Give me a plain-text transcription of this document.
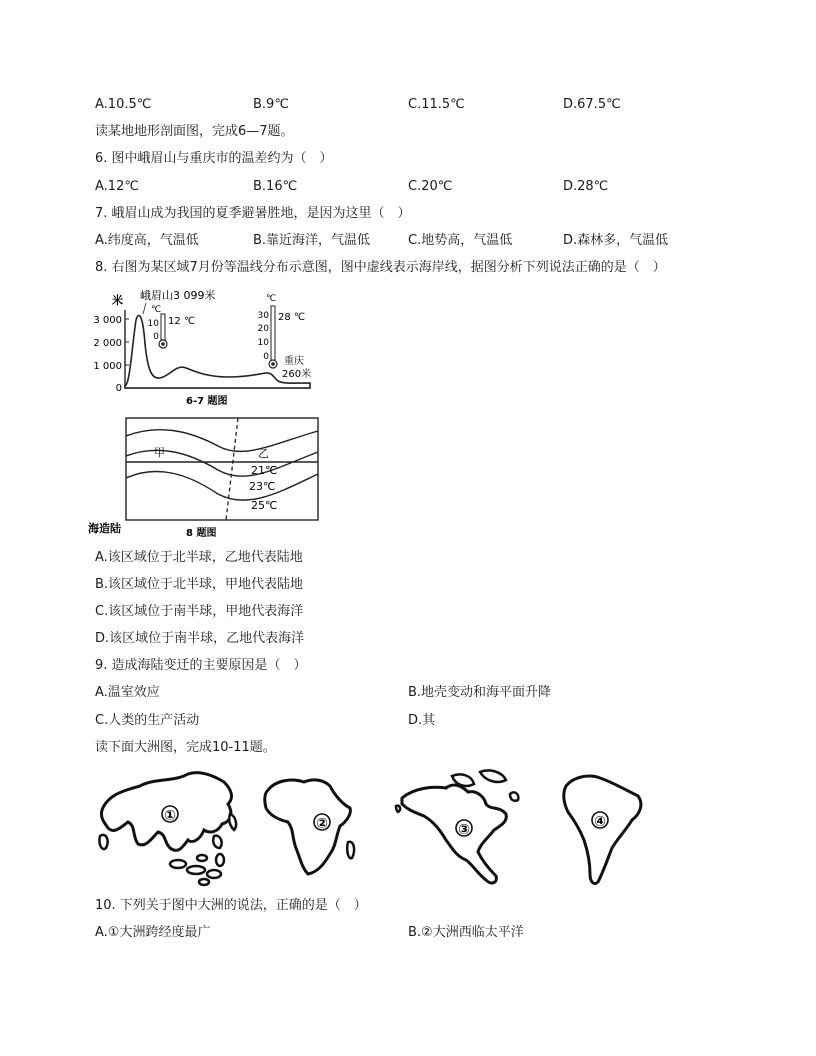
A.10.5℃	B.9℃	C.11.5℃	D.67.5℃
读某地地形剖面图，完成6—7题。
6. 图中峨眉山与重庆市的温差约为（　）
A.12℃	B.16℃	C.20℃	D.28℃
7. 峨眉山成为我国的夏季避暑胜地，是因为这里（　）
A.纬度高，气温低	B.靠近海洋，气温低	C.地势高，气温低	D.森林多，气温低
8. 右图为某区域7月份等温线分布示意图，图中虚线表示海岸线，据图分析下列说法正确的是（　）
米
3 000
2 000
1 000
0
峨眉山3 099米
℃
10
0
12 ℃
℃
30
20
10
0
28 ℃
重庆
260米
6-7 题图
甲	乙
21℃
23℃
25℃
海造陆	8 题图
A.该区域位于北半球，乙地代表陆地
B.该区域位于北半球，甲地代表陆地
C.该区域位于南半球，甲地代表海洋
D.该区域位于南半球，乙地代表海洋
9. 造成海陆变迁的主要原因是（　）
A.温室效应	B.地壳变动和海平面升降
C.人类的生产活动	D.其
读下面大洲图，完成10-11题。
①	②	③	④
10. 下列关于图中大洲的说法，正确的是（　）
A.①大洲跨经度最广	B.②大洲西临太平洋
